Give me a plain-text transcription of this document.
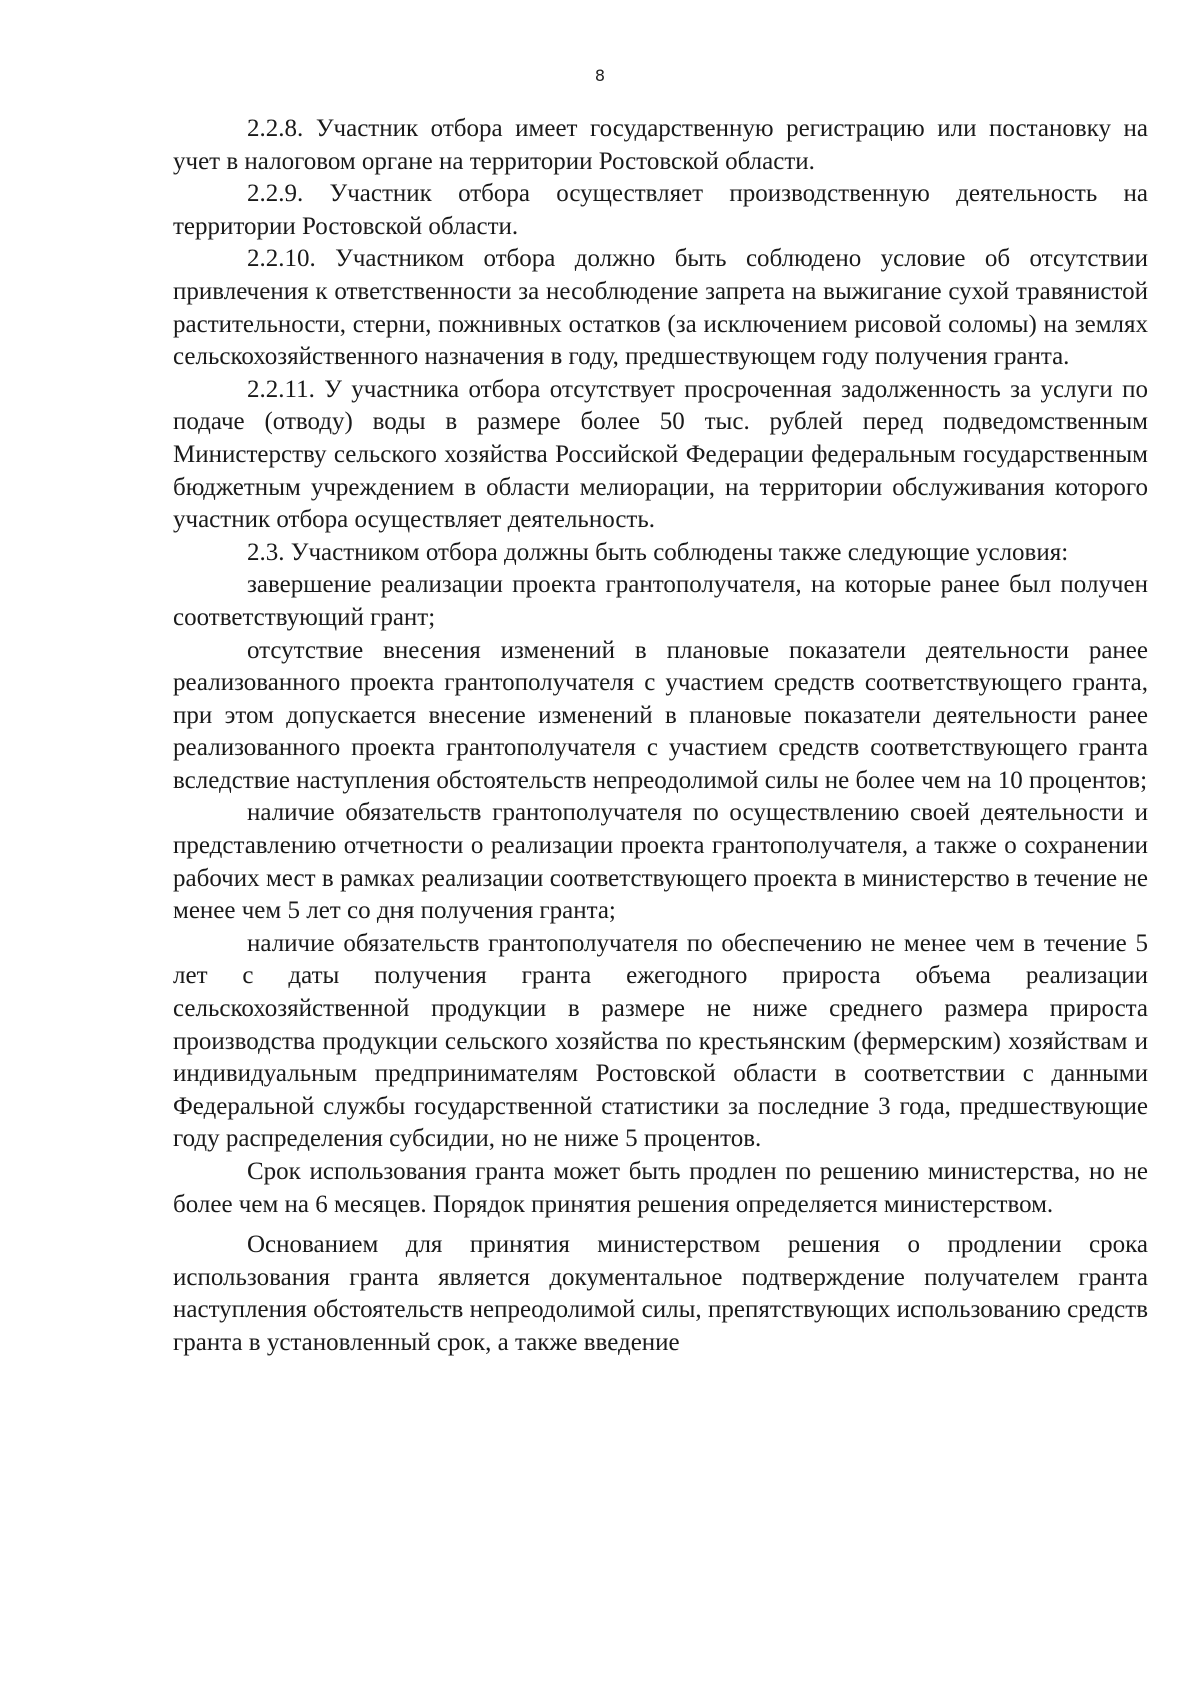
8

2.2.8. Участник отбора имеет государственную регистрацию или постановку на учет в налоговом органе на территории Ростовской области.

2.2.9. Участник отбора осуществляет производственную деятельность на территории Ростовской области.

2.2.10. Участником отбора должно быть соблюдено условие об отсутствии привлечения к ответственности за несоблюдение запрета на выжигание сухой травянистой растительности, стерни, пожнивных остатков (за исключением рисовой соломы) на землях сельскохозяйственного назначения в году, предшествующем году получения гранта.

2.2.11. У участника отбора отсутствует просроченная задолженность за услуги по подаче (отводу) воды в размере более 50 тыс. рублей перед подведомственным Министерству сельского хозяйства Российской Федерации федеральным государственным бюджетным учреждением в области мелиорации, на территории обслуживания которого участник отбора осуществляет деятельность.

2.3. Участником отбора должны быть соблюдены также следующие условия:

завершение реализации проекта грантополучателя, на которые ранее был получен соответствующий грант;

отсутствие внесения изменений в плановые показатели деятельности ранее реализованного проекта грантополучателя с участием средств соответствующего гранта, при этом допускается внесение изменений в плановые показатели деятельности ранее реализованного проекта грантополучателя с участием средств соответствующего гранта вследствие наступления обстоятельств непреодолимой силы не более чем на 10 процентов;

наличие обязательств грантополучателя по осуществлению своей деятельности и представлению отчетности о реализации проекта грантополучателя, а также о сохранении рабочих мест в рамках реализации соответствующего проекта в министерство в течение не менее чем 5 лет со дня получения гранта;

наличие обязательств грантополучателя по обеспечению не менее чем в течение 5 лет с даты получения гранта ежегодного прироста объема реализации сельскохозяйственной продукции в размере не ниже среднего размера прироста производства продукции сельского хозяйства по крестьянским (фермерским) хозяйствам и индивидуальным предпринимателям Ростовской области в соответствии с данными Федеральной службы государственной статистики за последние 3 года, предшествующие году распределения субсидии, но не ниже 5 процентов.

Срок использования гранта может быть продлен по решению министерства, но не более чем на 6 месяцев. Порядок принятия решения определяется министерством.

Основанием для принятия министерством решения о продлении срока использования гранта является документальное подтверждение получателем гранта наступления обстоятельств непреодолимой силы, препятствующих использованию средств гранта в установленный срок, а также введение
